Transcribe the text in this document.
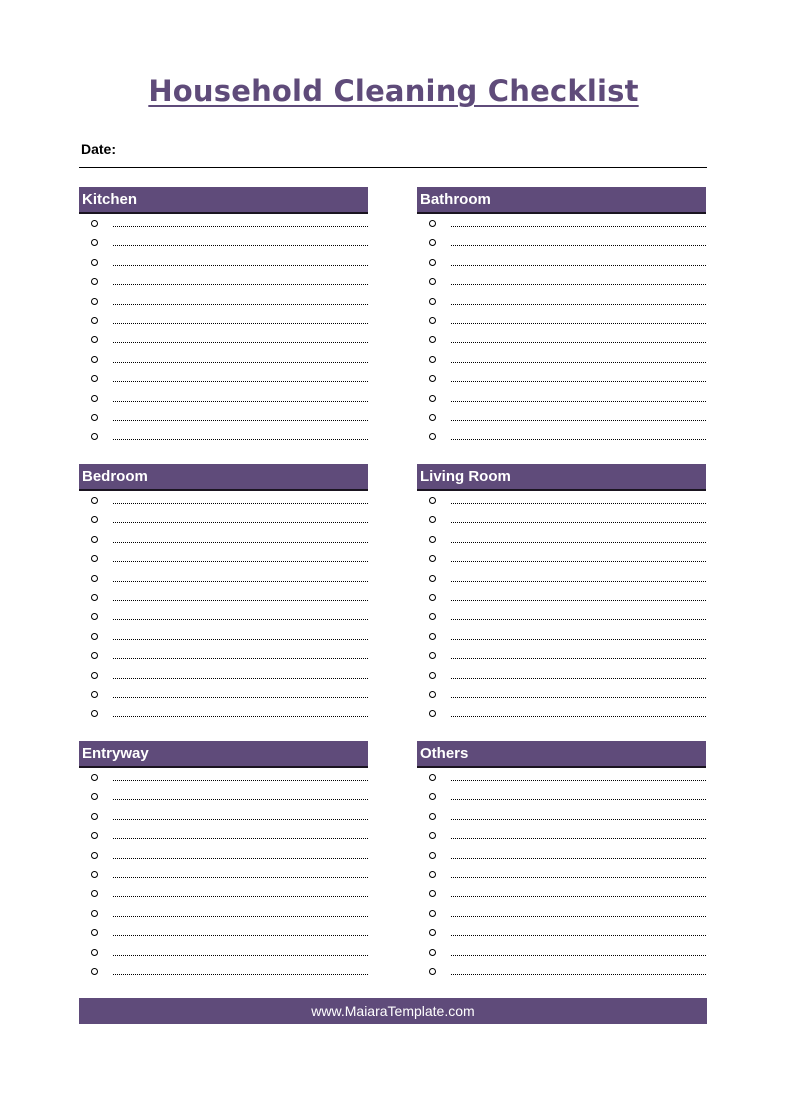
Household Cleaning Checklist
Date:
Kitchen	Bathroom
Bedroom	Living Room
Entryway	Others
www.MaiaraTemplate.com
